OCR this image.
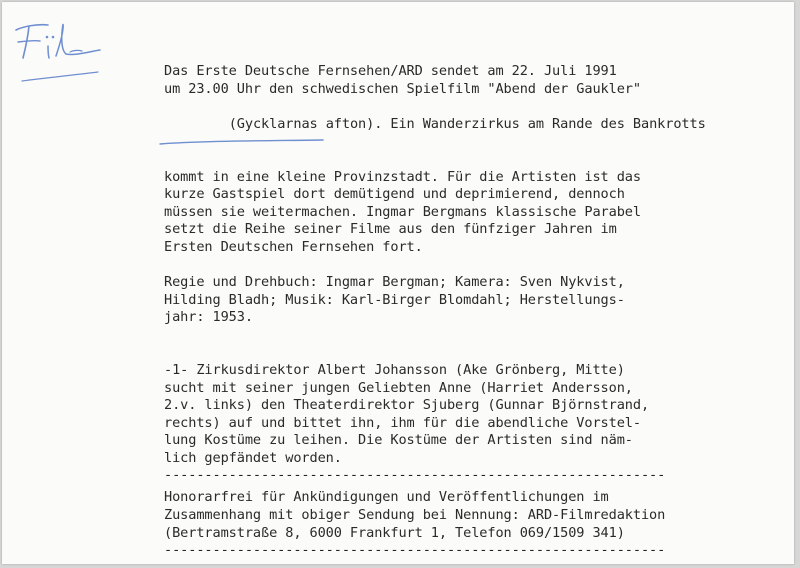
Das Erste Deutsche Fernsehen/ARD sendet am 22. Juli 1991
um 23.00 Uhr den schwedischen Spielfilm "Abend der Gaukler"

(Gycklarnas afton). Ein Wanderzirkus am Rande des Bankrotts

kommt in eine kleine Provinzstadt. Für die Artisten ist das
kurze Gastspiel dort demütigend und deprimierend, dennoch
müssen sie weitermachen. Ingmar Bergmans klassische Parabel
setzt die Reihe seiner Filme aus den fünfziger Jahren im
Ersten Deutschen Fernsehen fort.
Regie und Drehbuch: Ingmar Bergman; Kamera: Sven Nykvist,
Hilding Bladh; Musik: Karl-Birger Blomdahl; Herstellungs-
jahr: 1953.
-1- Zirkusdirektor Albert Johansson (Ake Grönberg, Mitte)
sucht mit seiner jungen Geliebten Anne (Harriet Andersson,
2.v. links) den Theaterdirektor Sjuberg (Gunnar Björnstrand,
rechts) auf und bittet ihn, ihm für die abendliche Vorstel-
lung Kostüme zu leihen. Die Kostüme der Artisten sind näm-
lich gepfändet worden.
--------------------------------------------------------------
Honorarfrei für Ankündigungen und Veröffentlichungen im
Zusammenhang mit obiger Sendung bei Nennung: ARD-Filmredaktion
(Bertramstraße 8, 6000 Frankfurt 1, Telefon 069/1509 341)
--------------------------------------------------------------
